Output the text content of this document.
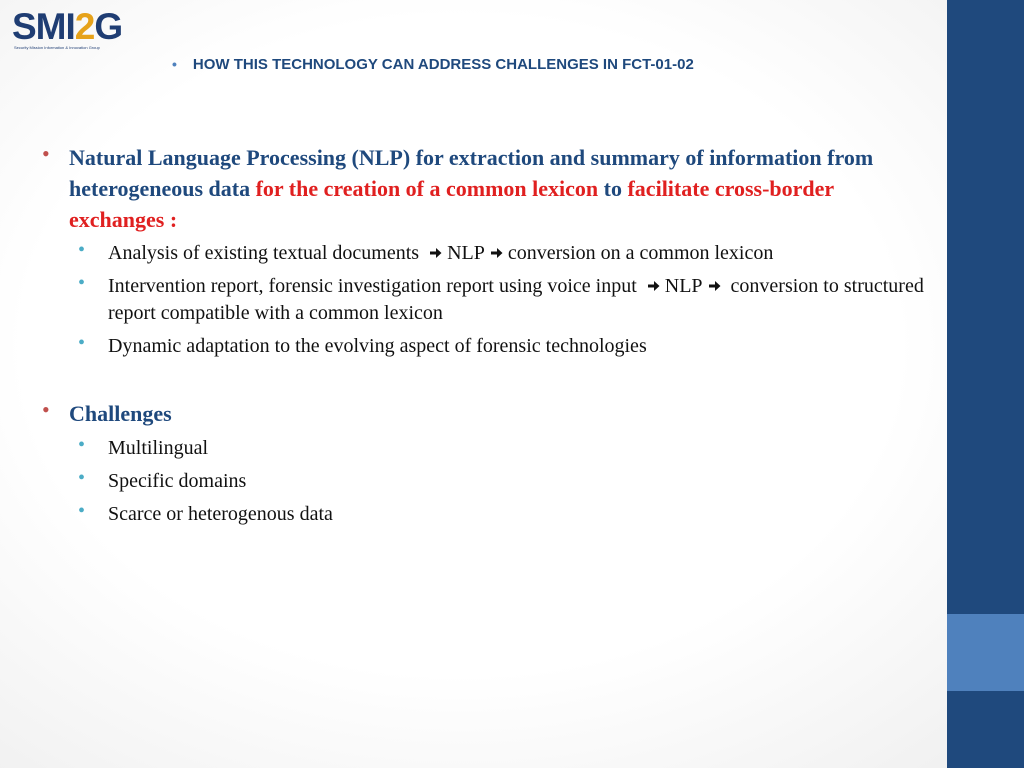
SMI2G
Security Mission Information & Innovation Group
• HOW THIS TECHNOLOGY CAN ADDRESS CHALLENGES IN FCT-01-02
• Natural Language Processing (NLP) for extraction and summary of information from heterogeneous data for the creation of a common lexicon to facilitate cross-border exchanges :
• Analysis of existing textual documents NLP conversion on a common lexicon
• Intervention report, forensic investigation report using voice input NLP conversion to structured report compatible with a common lexicon
• Dynamic adaptation to the evolving aspect of forensic technologies
• Challenges
• Multilingual
• Specific domains
• Scarce or heterogenous data
